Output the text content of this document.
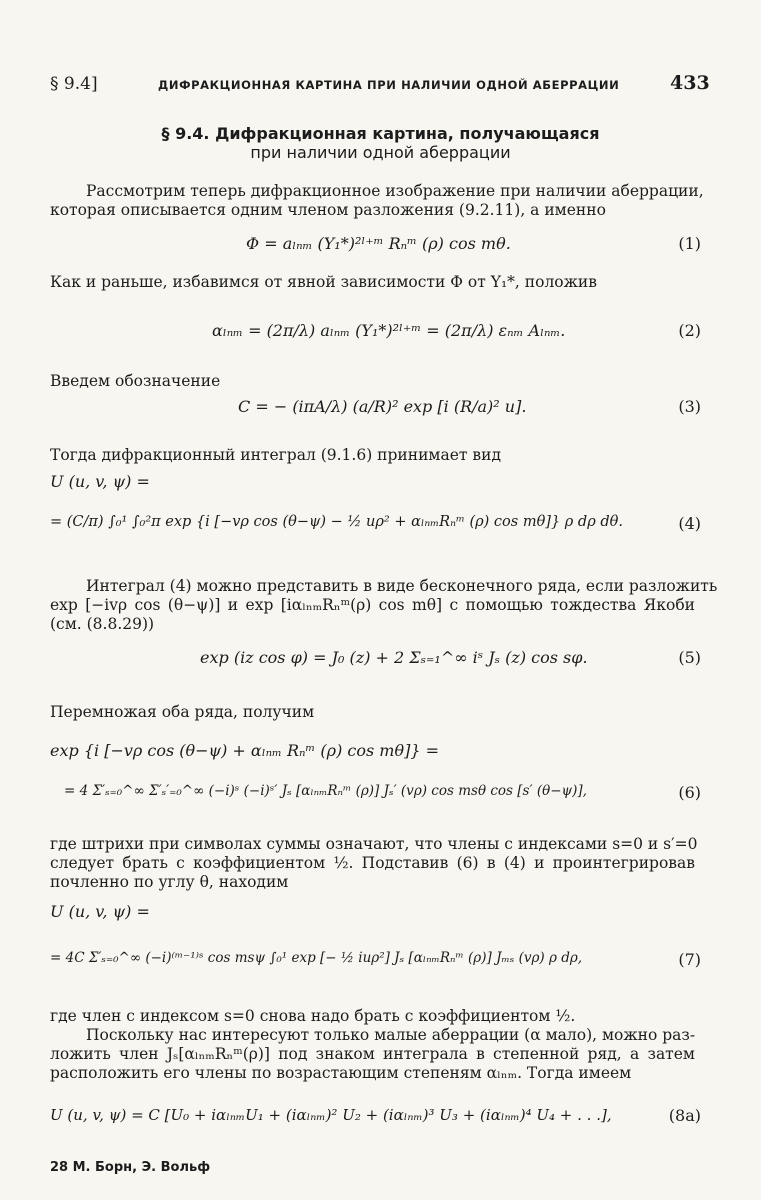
§ 9.4]	ДИФРАКЦИОННАЯ КАРТИНА ПРИ НАЛИЧИИ ОДНОЙ АБЕРРАЦИИ	433
§ 9.4. Дифракционная картина, получающаяся
при наличии одной аберрации
Рассмотрим теперь дифракционное изображение при наличии аберрации,
которая описывается одним членом разложения (9.2.11), а именно
Φ = aₗₙₘ (Y₁*)²ˡ⁺ᵐ Rₙᵐ (ρ) cos mθ.	(1)
Как и раньше, избавимся от явной зависимости Φ от Y₁*, положив
αₗₙₘ = (2π/λ) aₗₙₘ (Y₁*)²ˡ⁺ᵐ = (2π/λ) εₙₘ Aₗₙₘ.	(2)
Введем обозначение
C = − (iπA/λ) (a/R)² exp [i (R/a)² u].	(3)
Тогда дифракционный интеграл (9.1.6) принимает вид
U (u, v, ψ) =
= (C/π) ∫₀¹ ∫₀²π exp {i [−vρ cos (θ−ψ) − ½ uρ² + αₗₙₘRₙᵐ (ρ) cos mθ]} ρ dρ dθ.	(4)
Интеграл (4) можно представить в виде бесконечного ряда, если разложить
exp [−ivρ cos (θ−ψ)] и exp [iαₗₙₘRₙᵐ(ρ) cos mθ] с помощью тождества Якоби
(см. (8.8.29))
exp (iz cos φ) = J₀ (z) + 2 Σₛ₌₁^∞ iˢ Jₛ (z) cos sφ.	(5)
Перемножая оба ряда, получим
exp {i [−vρ cos (θ−ψ) + αₗₙₘ Rₙᵐ (ρ) cos mθ]} =
= 4 Σ′ₛ₌₀^∞ Σ′ₛ′₌₀^∞ (−i)ˢ (−i)ˢ′ Jₛ [αₗₙₘRₙᵐ (ρ)] Jₛ′ (vρ) cos msθ cos [s′ (θ−ψ)],	(6)
где штрихи при символах суммы означают, что члены с индексами s=0 и s′=0
следует брать с коэффициентом ½. Подставив (6) в (4) и проинтегрировав
почленно по углу θ, находим
U (u, v, ψ) =
= 4C Σ′ₛ₌₀^∞ (−i)⁽ᵐ⁻¹⁾ˢ cos msψ ∫₀¹ exp [− ½ iuρ²] Jₛ [αₗₙₘRₙᵐ (ρ)] Jₘₛ (vρ) ρ dρ,	(7)
где член с индексом s=0 снова надо брать с коэффициентом ½.
Поскольку нас интересуют только малые аберрации (α мало), можно раз-
ложить член Jₛ[αₗₙₘRₙᵐ(ρ)] под знаком интеграла в степенной ряд, а затем
расположить его члены по возрастающим степеням αₗₙₘ. Тогда имеем
U (u, v, ψ) = C [U₀ + iαₗₙₘU₁ + (iαₗₙₘ)² U₂ + (iαₗₙₘ)³ U₃ + (iαₗₙₘ)⁴ U₄ + . . .],	(8а)
28 М. Борн, Э. Вольф
